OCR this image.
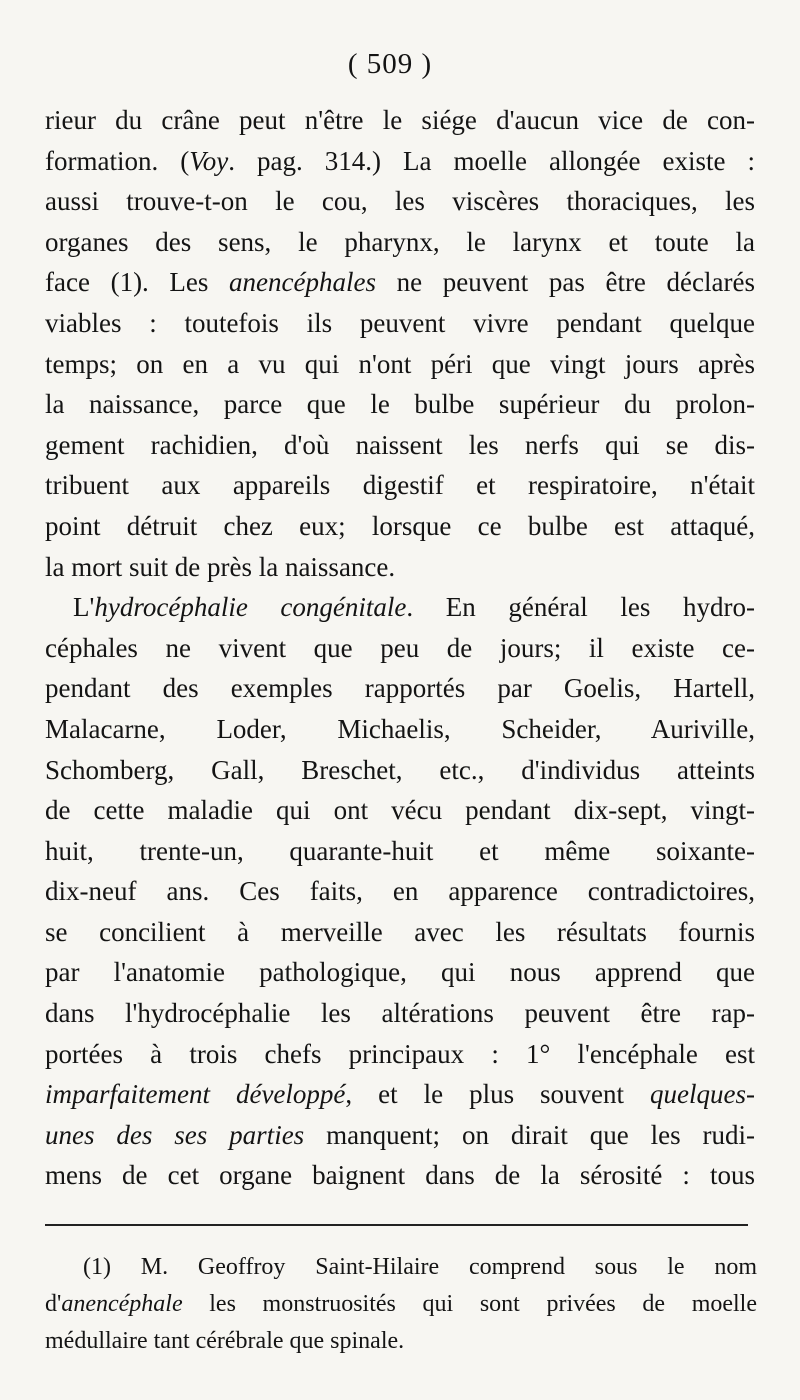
( 509 )
rieur du crâne peut n'être le siége d'aucun vice de con-
formation. (Voy. pag. 314.) La moelle allongée existe :
aussi trouve-t-on le cou, les viscères thoraciques, les
organes des sens, le pharynx, le larynx et toute la
face (1). Les anencéphales ne peuvent pas être déclarés
viables : toutefois ils peuvent vivre pendant quelque
temps; on en a vu qui n'ont péri que vingt jours après
la naissance, parce que le bulbe supérieur du prolon-
gement rachidien, d'où naissent les nerfs qui se dis-
tribuent aux appareils digestif et respiratoire, n'était
point détruit chez eux; lorsque ce bulbe est attaqué,
la mort suit de près la naissance.
L'hydrocéphalie congénitale. En général les hydro-
céphales ne vivent que peu de jours; il existe ce-
pendant des exemples rapportés par Goelis, Hartell,
Malacarne, Loder, Michaelis, Scheider, Auriville,
Schomberg, Gall, Breschet, etc., d'individus atteints
de cette maladie qui ont vécu pendant dix-sept, vingt-
huit, trente-un, quarante-huit et même soixante-
dix-neuf ans. Ces faits, en apparence contradictoires,
se concilient à merveille avec les résultats fournis
par l'anatomie pathologique, qui nous apprend que
dans l'hydrocéphalie les altérations peuvent être rap-
portées à trois chefs principaux : 1° l'encéphale est
imparfaitement développé, et le plus souvent quelques-
unes des ses parties manquent; on dirait que les rudi-
mens de cet organe baignent dans de la sérosité : tous
(1) M. Geoffroy Saint-Hilaire comprend sous le nom
d'anencéphale les monstruosités qui sont privées de moelle
médullaire tant cérébrale que spinale.
